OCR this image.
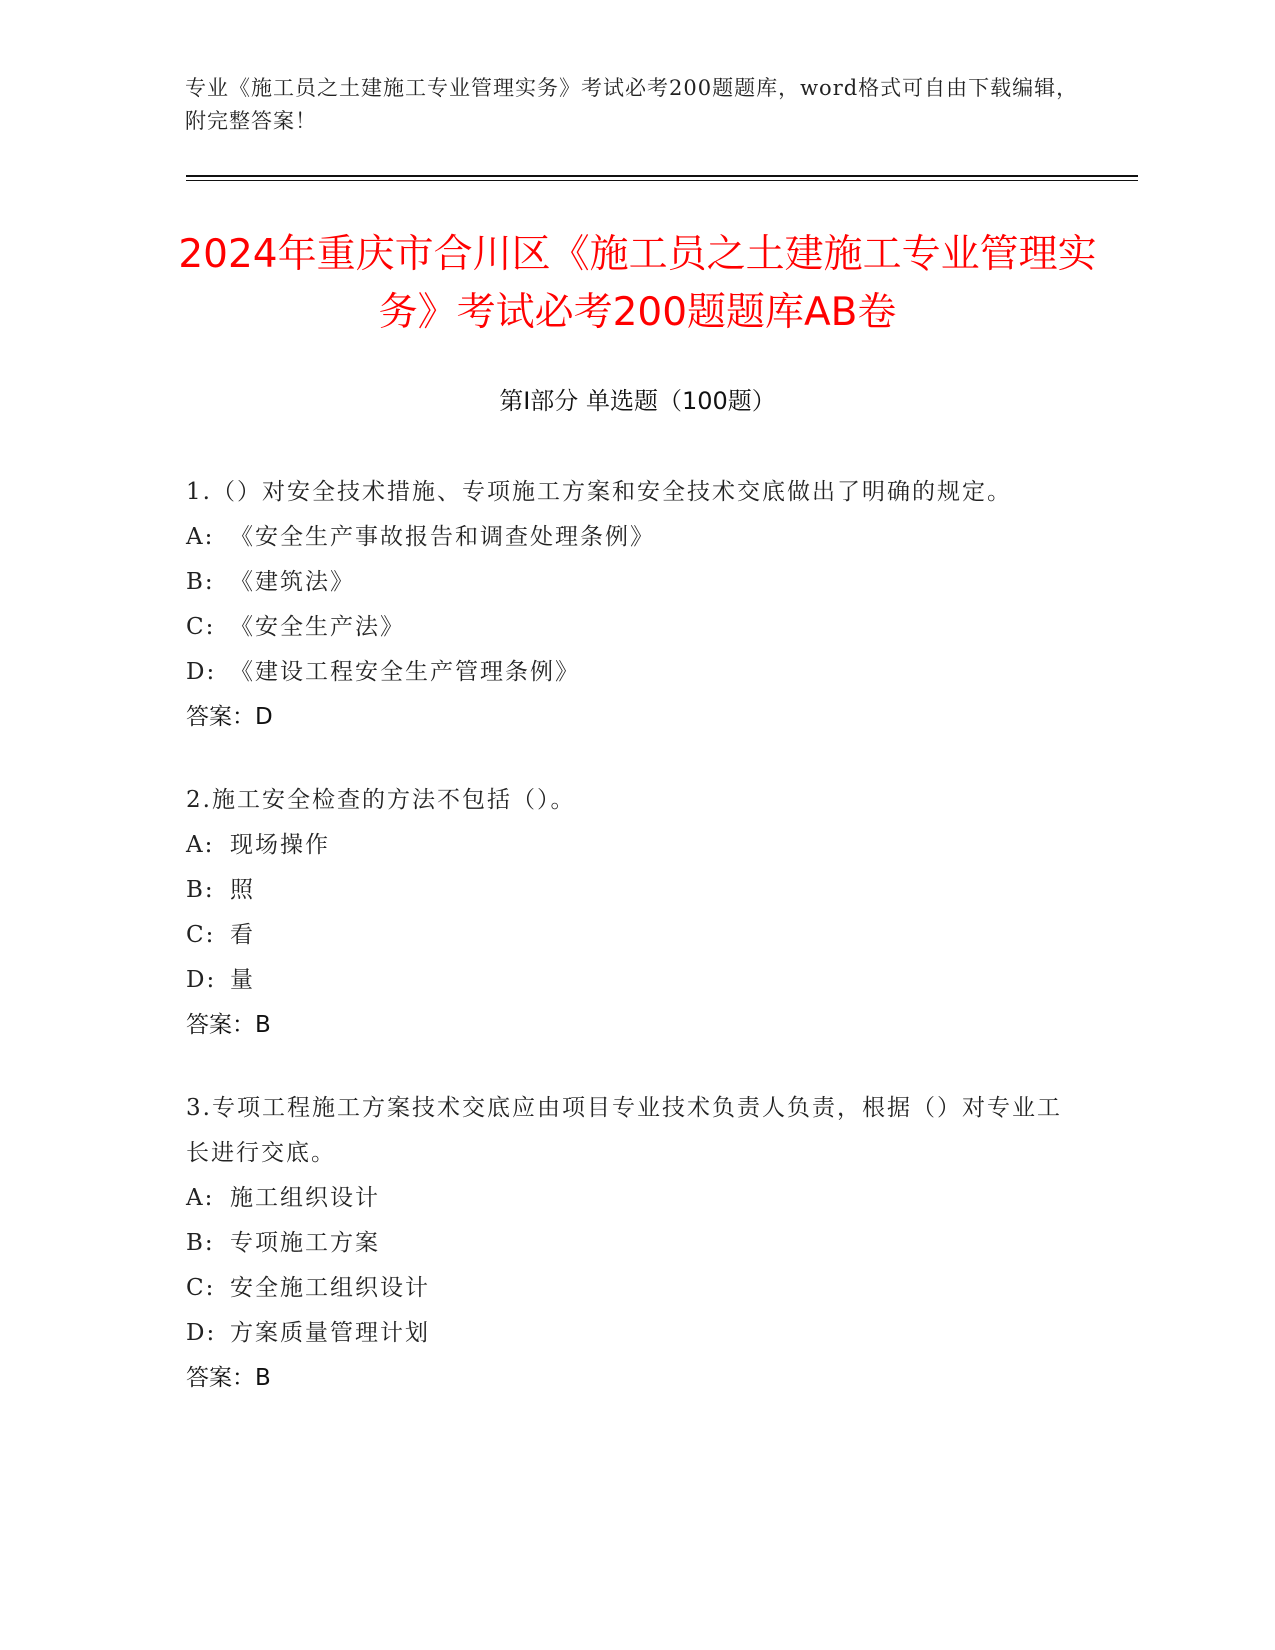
专业《施工员之土建施工专业管理实务》考试必考200题题库，word格式可自由下载编辑，附完整答案！
2024年重庆市合川区《施工员之土建施工专业管理实务》考试必考200题题库AB卷
第Ⅰ部分 单选题（100题）
1.（）对安全技术措施、专项施工方案和安全技术交底做出了明确的规定。
A: 《安全生产事故报告和调查处理条例》
B: 《建筑法》
C: 《安全生产法》
D: 《建设工程安全生产管理条例》
答案：D
2.施工安全检查的方法不包括（）。
A: 现场操作
B: 照
C: 看
D: 量
答案：B
3.专项工程施工方案技术交底应由项目专业技术负责人负责，根据（）对专业工长进行交底。
A: 施工组织设计
B: 专项施工方案
C: 安全施工组织设计
D: 方案质量管理计划
答案：B
